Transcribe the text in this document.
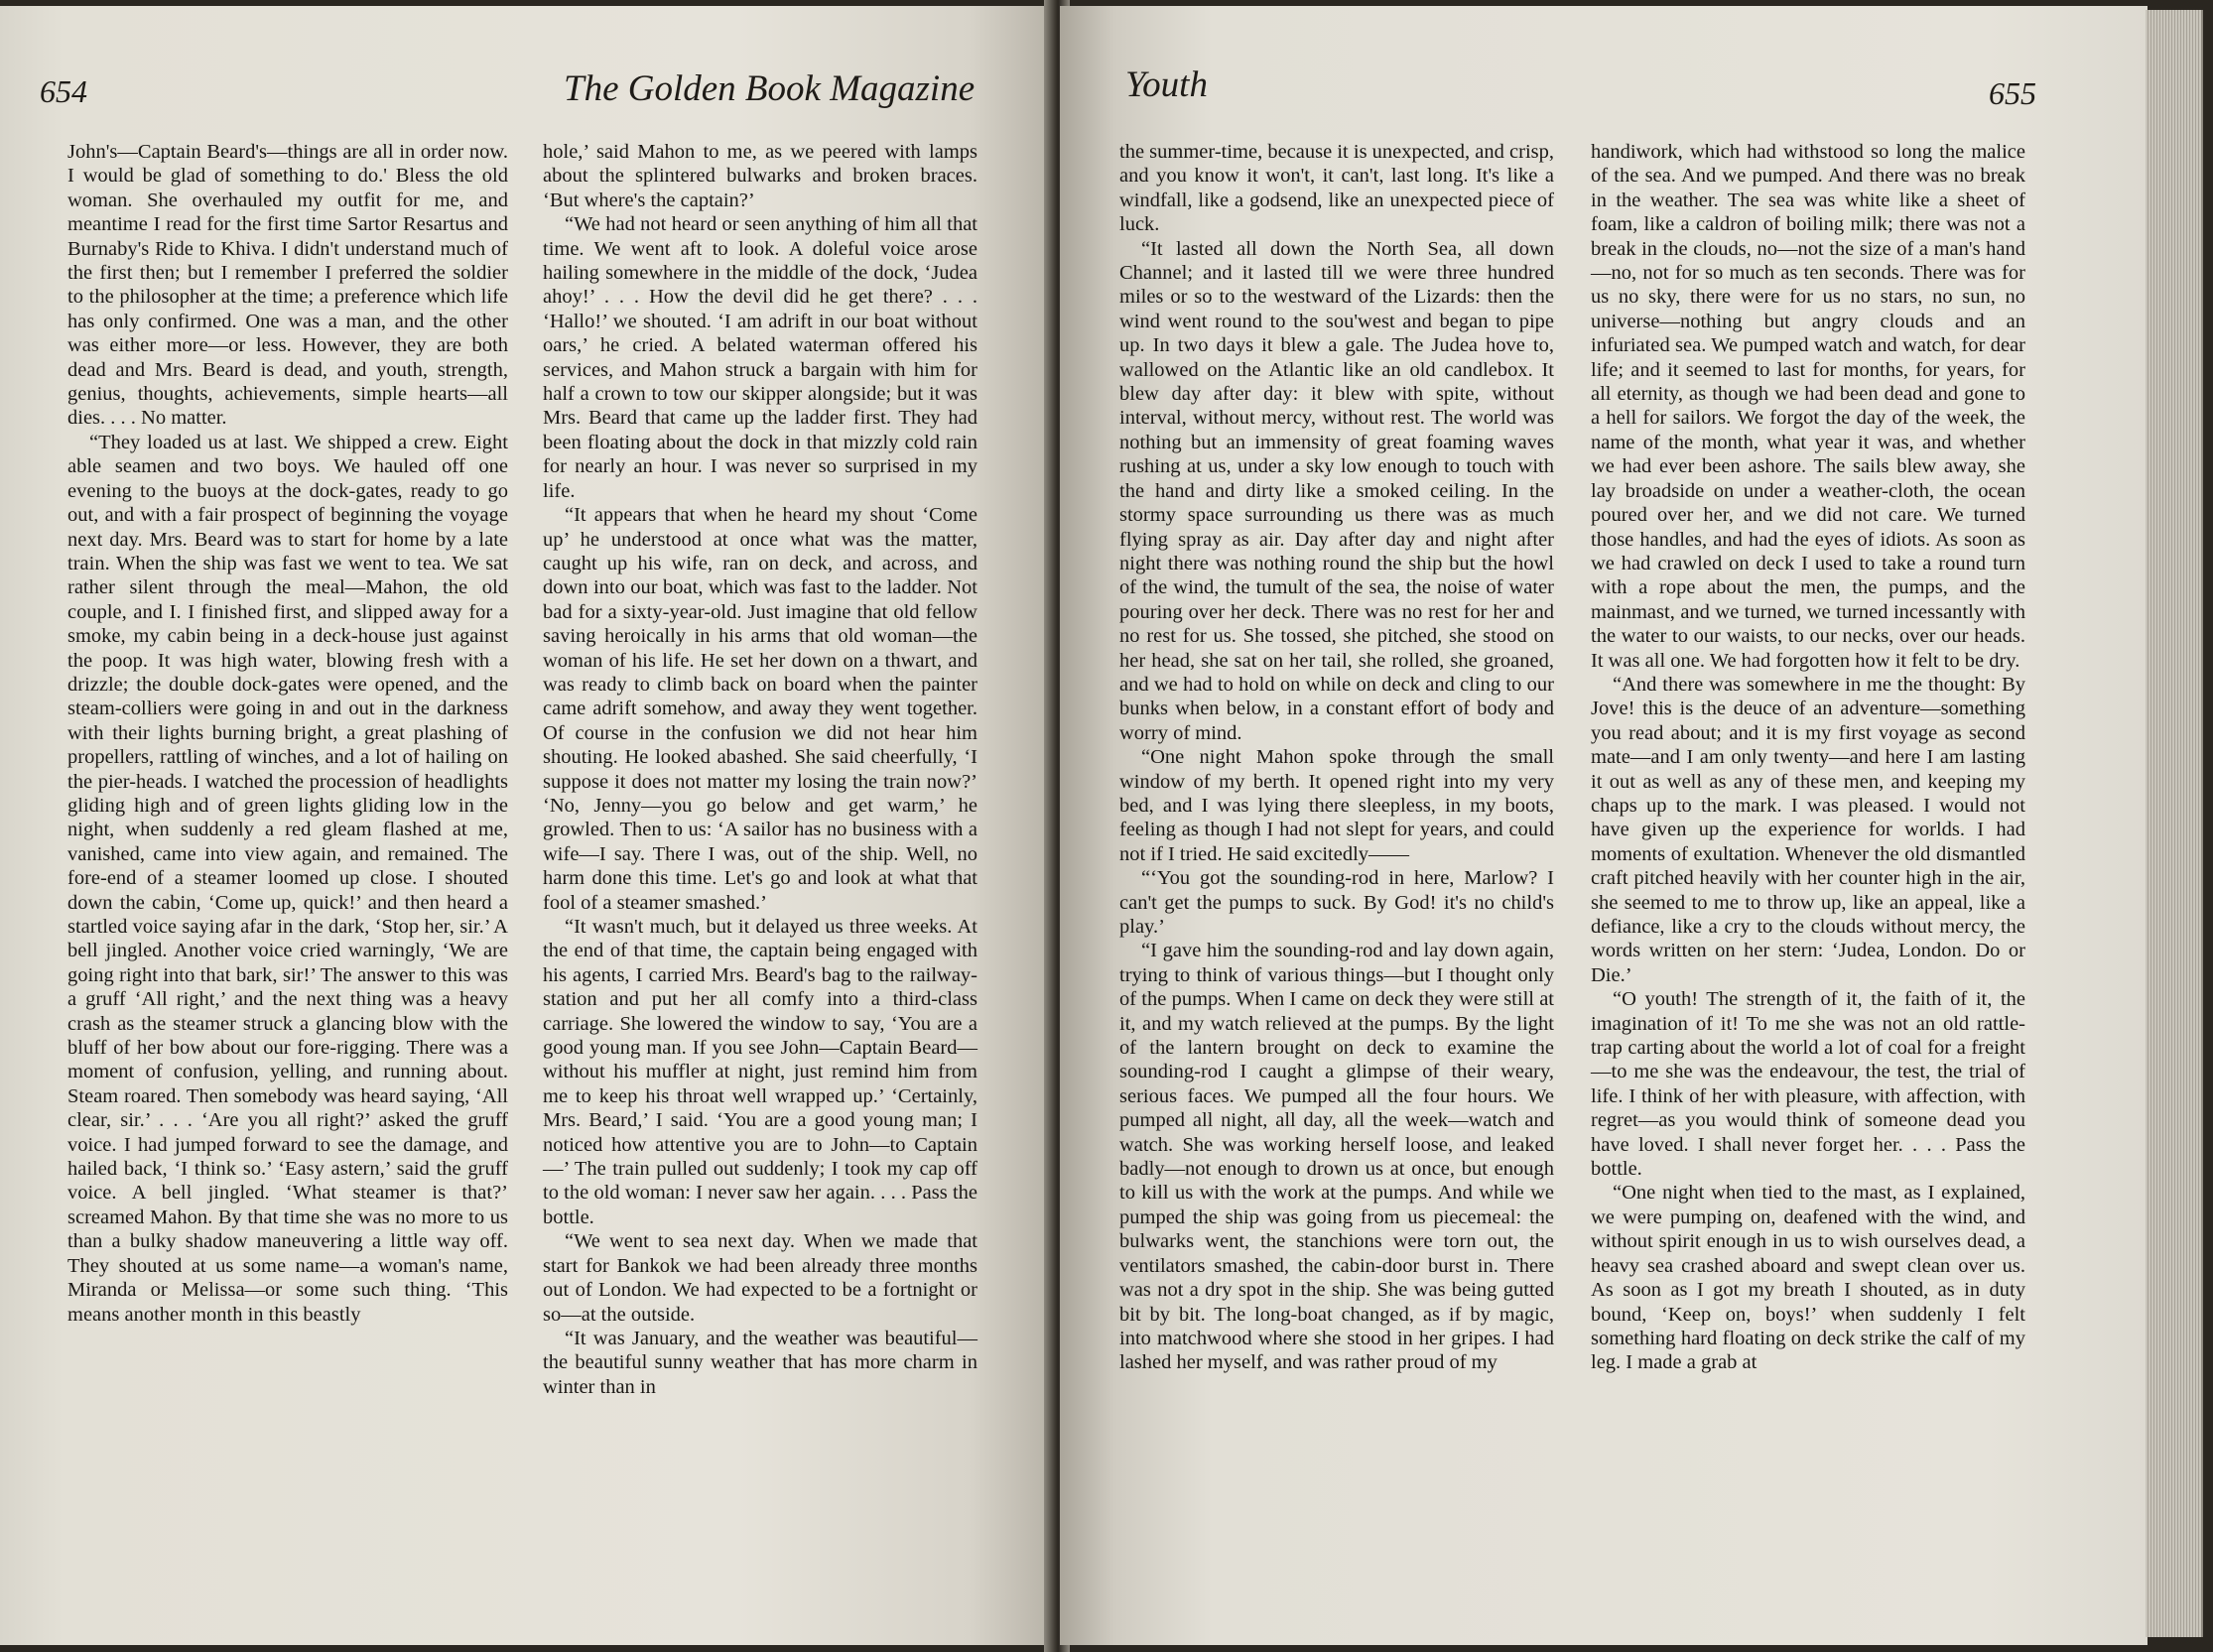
654	The Golden Book Magazine

John's—Captain Beard's—things are all in order now. I would be glad of something to do.' Bless the old woman. She overhauled my outfit for me, and meantime I read for the first time Sartor Resartus and Burnaby's Ride to Khiva. I didn't understand much of the first then; but I remember I preferred the soldier to the philosopher at the time; a preference which life has only confirmed. One was a man, and the other was either more—or less. However, they are both dead and Mrs. Beard is dead, and youth, strength, genius, thoughts, achievements, simple hearts—all dies. . . . No matter.

“They loaded us at last. We shipped a crew. Eight able seamen and two boys. We hauled off one evening to the buoys at the dock-gates, ready to go out, and with a fair prospect of beginning the voyage next day. Mrs. Beard was to start for home by a late train. When the ship was fast we went to tea. We sat rather silent through the meal—Mahon, the old couple, and I. I finished first, and slipped away for a smoke, my cabin being in a deck-house just against the poop. It was high water, blowing fresh with a drizzle; the double dock-gates were opened, and the steam-colliers were going in and out in the darkness with their lights burning bright, a great plashing of propellers, rattling of winches, and a lot of hailing on the pier-heads. I watched the procession of headlights gliding high and of green lights gliding low in the night, when suddenly a red gleam flashed at me, vanished, came into view again, and remained. The fore-end of a steamer loomed up close. I shouted down the cabin, ‘Come up, quick!’ and then heard a startled voice saying afar in the dark, ‘Stop her, sir.’ A bell jingled. Another voice cried warningly, ‘We are going right into that bark, sir!’ The answer to this was a gruff ‘All right,’ and the next thing was a heavy crash as the steamer struck a glancing blow with the bluff of her bow about our fore-rigging. There was a moment of confusion, yelling, and running about. Steam roared. Then somebody was heard saying, ‘All clear, sir.’ . . . ‘Are you all right?’ asked the gruff voice. I had jumped forward to see the damage, and hailed back, ‘I think so.’ ‘Easy astern,’ said the gruff voice. A bell jingled. ‘What steamer is that?’ screamed Mahon. By that time she was no more to us than a bulky shadow maneuvering a little way off. They shouted at us some name—a woman's name, Miranda or Melissa—or some such thing. ‘This means another month in this beastly

hole,’ said Mahon to me, as we peered with lamps about the splintered bulwarks and broken braces. ‘But where's the captain?’

“We had not heard or seen anything of him all that time. We went aft to look. A doleful voice arose hailing somewhere in the middle of the dock, ‘Judea ahoy!’ . . . How the devil did he get there? . . . ‘Hallo!’ we shouted. ‘I am adrift in our boat without oars,’ he cried. A belated waterman offered his services, and Mahon struck a bargain with him for half a crown to tow our skipper alongside; but it was Mrs. Beard that came up the ladder first. They had been floating about the dock in that mizzly cold rain for nearly an hour. I was never so surprised in my life.

“It appears that when he heard my shout ‘Come up’ he understood at once what was the matter, caught up his wife, ran on deck, and across, and down into our boat, which was fast to the ladder. Not bad for a sixty-year-old. Just imagine that old fellow saving heroically in his arms that old woman—the woman of his life. He set her down on a thwart, and was ready to climb back on board when the painter came adrift somehow, and away they went together. Of course in the confusion we did not hear him shouting. He looked abashed. She said cheerfully, ‘I suppose it does not matter my losing the train now?’ ‘No, Jenny—you go below and get warm,’ he growled. Then to us: ‘A sailor has no business with a wife—I say. There I was, out of the ship. Well, no harm done this time. Let's go and look at what that fool of a steamer smashed.’

“It wasn't much, but it delayed us three weeks. At the end of that time, the captain being engaged with his agents, I carried Mrs. Beard's bag to the railway-station and put her all comfy into a third-class carriage. She lowered the window to say, ‘You are a good young man. If you see John—Captain Beard—without his muffler at night, just remind him from me to keep his throat well wrapped up.’ ‘Certainly, Mrs. Beard,’ I said. ‘You are a good young man; I noticed how attentive you are to John—to Captain—’ The train pulled out suddenly; I took my cap off to the old woman: I never saw her again. . . . Pass the bottle.

“We went to sea next day. When we made that start for Bankok we had been already three months out of London. We had expected to be a fortnight or so—at the outside.

“It was January, and the weather was beautiful—the beautiful sunny weather that has more charm in winter than in

Youth	655

the summer-time, because it is unexpected, and crisp, and you know it won't, it can't, last long. It's like a windfall, like a godsend, like an unexpected piece of luck.

“It lasted all down the North Sea, all down Channel; and it lasted till we were three hundred miles or so to the westward of the Lizards: then the wind went round to the sou'west and began to pipe up. In two days it blew a gale. The Judea hove to, wallowed on the Atlantic like an old candlebox. It blew day after day: it blew with spite, without interval, without mercy, without rest. The world was nothing but an immensity of great foaming waves rushing at us, under a sky low enough to touch with the hand and dirty like a smoked ceiling. In the stormy space surrounding us there was as much flying spray as air. Day after day and night after night there was nothing round the ship but the howl of the wind, the tumult of the sea, the noise of water pouring over her deck. There was no rest for her and no rest for us. She tossed, she pitched, she stood on her head, she sat on her tail, she rolled, she groaned, and we had to hold on while on deck and cling to our bunks when below, in a constant effort of body and worry of mind.

“One night Mahon spoke through the small window of my berth. It opened right into my very bed, and I was lying there sleepless, in my boots, feeling as though I had not slept for years, and could not if I tried. He said excitedly——

“‘You got the sounding-rod in here, Marlow? I can't get the pumps to suck. By God! it's no child's play.’

“I gave him the sounding-rod and lay down again, trying to think of various things—but I thought only of the pumps. When I came on deck they were still at it, and my watch relieved at the pumps. By the light of the lantern brought on deck to examine the sounding-rod I caught a glimpse of their weary, serious faces. We pumped all the four hours. We pumped all night, all day, all the week—watch and watch. She was working herself loose, and leaked badly—not enough to drown us at once, but enough to kill us with the work at the pumps. And while we pumped the ship was going from us piecemeal: the bulwarks went, the stanchions were torn out, the ventilators smashed, the cabin-door burst in. There was not a dry spot in the ship. She was being gutted bit by bit. The long-boat changed, as if by magic, into matchwood where she stood in her gripes. I had lashed her myself, and was rather proud of my

handiwork, which had withstood so long the malice of the sea. And we pumped. And there was no break in the weather. The sea was white like a sheet of foam, like a caldron of boiling milk; there was not a break in the clouds, no—not the size of a man's hand—no, not for so much as ten seconds. There was for us no sky, there were for us no stars, no sun, no universe—nothing but angry clouds and an infuriated sea. We pumped watch and watch, for dear life; and it seemed to last for months, for years, for all eternity, as though we had been dead and gone to a hell for sailors. We forgot the day of the week, the name of the month, what year it was, and whether we had ever been ashore. The sails blew away, she lay broadside on under a weather-cloth, the ocean poured over her, and we did not care. We turned those handles, and had the eyes of idiots. As soon as we had crawled on deck I used to take a round turn with a rope about the men, the pumps, and the mainmast, and we turned, we turned incessantly with the water to our waists, to our necks, over our heads. It was all one. We had forgotten how it felt to be dry.

“And there was somewhere in me the thought: By Jove! this is the deuce of an adventure—something you read about; and it is my first voyage as second mate—and I am only twenty—and here I am lasting it out as well as any of these men, and keeping my chaps up to the mark. I was pleased. I would not have given up the experience for worlds. I had moments of exultation. Whenever the old dismantled craft pitched heavily with her counter high in the air, she seemed to me to throw up, like an appeal, like a defiance, like a cry to the clouds without mercy, the words written on her stern: ‘Judea, London. Do or Die.’

“O youth! The strength of it, the faith of it, the imagination of it! To me she was not an old rattle-trap carting about the world a lot of coal for a freight—to me she was the endeavour, the test, the trial of life. I think of her with pleasure, with affection, with regret—as you would think of someone dead you have loved. I shall never forget her. . . . Pass the bottle.

“One night when tied to the mast, as I explained, we were pumping on, deafened with the wind, and without spirit enough in us to wish ourselves dead, a heavy sea crashed aboard and swept clean over us. As soon as I got my breath I shouted, as in duty bound, ‘Keep on, boys!’ when suddenly I felt something hard floating on deck strike the calf of my leg. I made a grab at
